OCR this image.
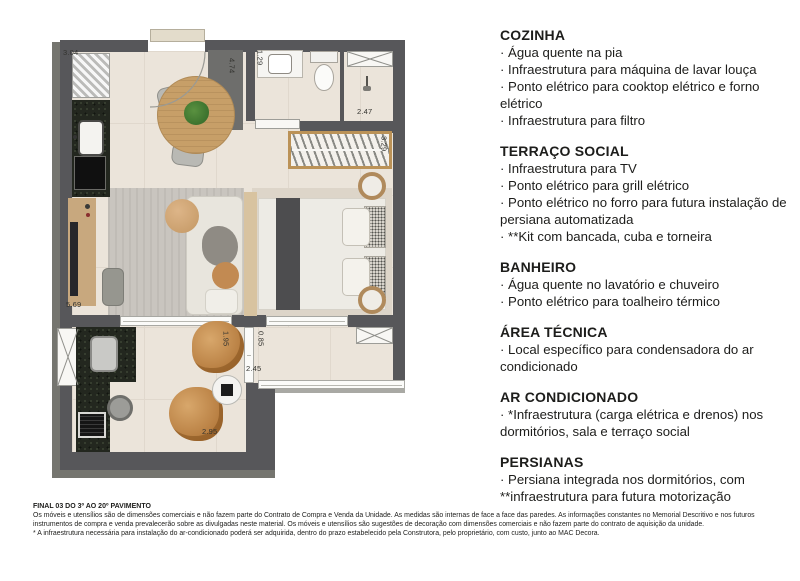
3.04
4.74
1.29
2.47
3.29
5.69
1.95	0.85
2.45
2.95
COZINHA

· Água quente na pia

· Infraestrutura para máquina de lavar louça

· Ponto elétrico para cooktop elétrico e forno elétrico

· Infraestrutura para filtro

TERRAÇO SOCIAL

· Infraestrutura para TV

· Ponto elétrico para grill elétrico

· Ponto elétrico no forro para futura instalação de persiana automatizada

· **Kit com bancada, cuba e torneira

BANHEIRO

· Água quente no lavatório e chuveiro

· Ponto elétrico para toalheiro térmico

ÁREA TÉCNICA

· Local específico para condensadora do ar condicionado

AR CONDICIONADO

· *Infraestrutura (carga elétrica e drenos) nos dormitórios, sala e terraço social

PERSIANAS

· Persiana integrada nos dormitórios, com **infraestrutura para futura motorização

FINAL 03 DO 3º AO 20º PAVIMENTO

Os móveis e utensílios são de dimensões comerciais e não fazem parte do Contrato de Compra e Venda da Unidade. As medidas são internas de face a face das paredes. As informações constantes no Memorial Descritivo e nos futuros instrumentos de compra e venda prevalecerão sobre as divulgadas neste material. Os móveis e utensílios são sugestões de decoração com dimensões comerciais e não fazem parte do contrato de aquisição da unidade.

* A infraestrutura necessária para instalação do ar-condicionado poderá ser adquirida, dentro do prazo estabelecido pela Construtora, pelo proprietário, com custo, junto ao MAC Decora.
